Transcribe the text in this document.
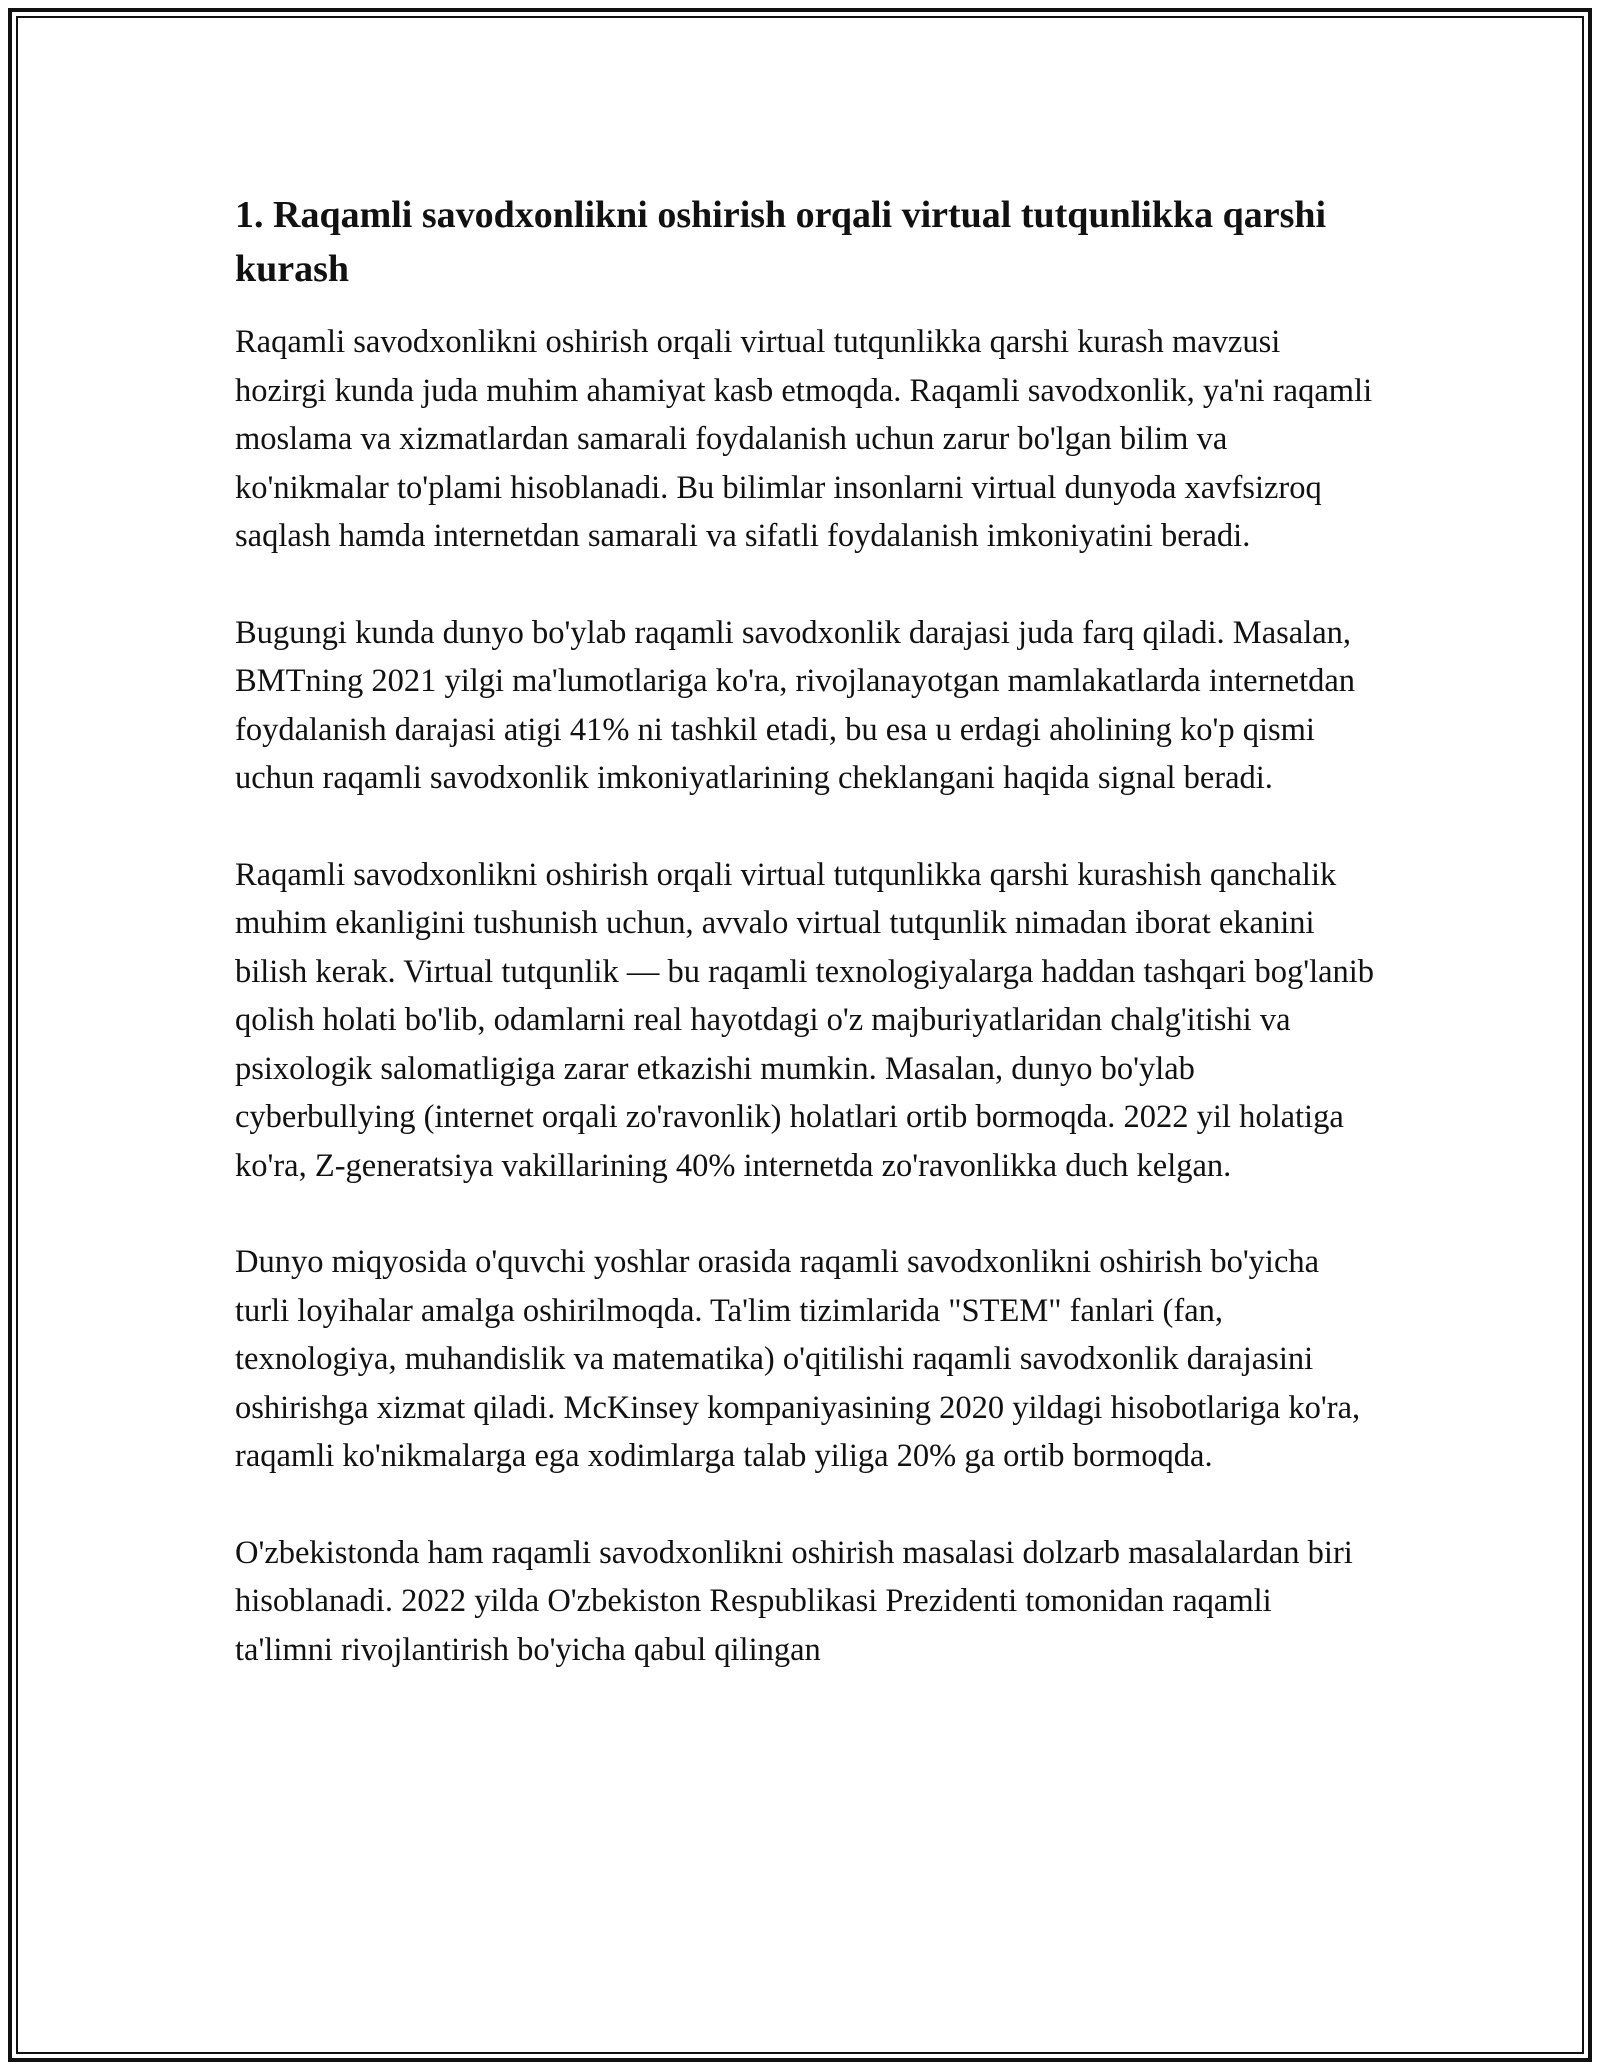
1. Raqamli savodxonlikni oshirish orqali virtual tutqunlikka qarshi kurash

Raqamli savodxonlikni oshirish orqali virtual tutqunlikka qarshi kurash mavzusi hozirgi kunda juda muhim ahamiyat kasb etmoqda. Raqamli savodxonlik, ya'ni raqamli moslama va xizmatlardan samarali foydalanish uchun zarur bo'lgan bilim va ko'nikmalar to'plami hisoblanadi. Bu bilimlar insonlarni virtual dunyoda xavfsizroq saqlash hamda internetdan samarali va sifatli foydalanish imkoniyatini beradi.

Bugungi kunda dunyo bo'ylab raqamli savodxonlik darajasi juda farq qiladi. Masalan, BMTning 2021 yilgi ma'lumotlariga ko'ra, rivojlanayotgan mamlakatlarda internetdan foydalanish darajasi atigi 41% ni tashkil etadi, bu esa u erdagi aholining ko'p qismi uchun raqamli savodxonlik imkoniyatlarining cheklangani haqida signal beradi.

Raqamli savodxonlikni oshirish orqali virtual tutqunlikka qarshi kurashish qanchalik muhim ekanligini tushunish uchun, avvalo virtual tutqunlik nimadan iborat ekanini bilish kerak. Virtual tutqunlik — bu raqamli texnologiyalarga haddan tashqari bog'lanib qolish holati bo'lib, odamlarni real hayotdagi o'z majburiyatlaridan chalg'itishi va psixologik salomatligiga zarar etkazishi mumkin. Masalan, dunyo bo'ylab cyberbullying (internet orqali zo'ravonlik) holatlari ortib bormoqda. 2022 yil holatiga ko'ra, Z-generatsiya vakillarining 40% internetda zo'ravonlikka duch kelgan.

Dunyo miqyosida o'quvchi yoshlar orasida raqamli savodxonlikni oshirish bo'yicha turli loyihalar amalga oshirilmoqda. Ta'lim tizimlarida "STEM" fanlari (fan, texnologiya, muhandislik va matematika) o'qitilishi raqamli savodxonlik darajasini oshirishga xizmat qiladi. McKinsey kompaniyasining 2020 yildagi hisobotlariga ko'ra, raqamli ko'nikmalarga ega xodimlarga talab yiliga 20% ga ortib bormoqda.

O'zbekistonda ham raqamli savodxonlikni oshirish masalasi dolzarb masalalardan biri hisoblanadi. 2022 yilda O'zbekiston Respublikasi Prezidenti tomonidan raqamli ta'limni rivojlantirish bo'yicha qabul qilingan
